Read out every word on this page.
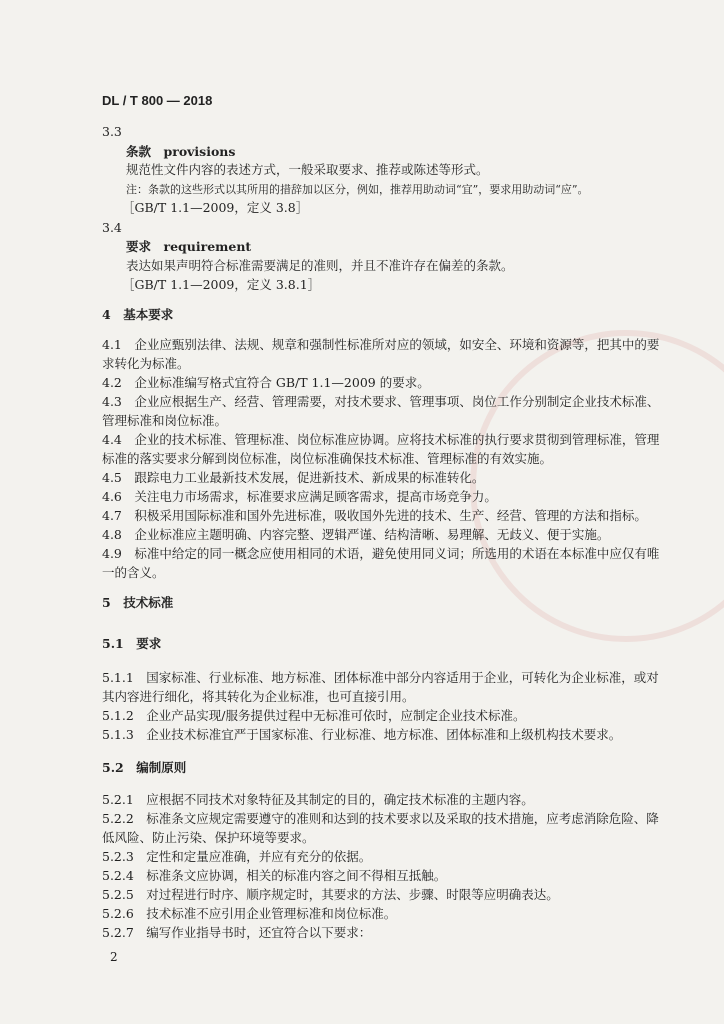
DL / T 800 — 2018
3.3
条款　provisions
规范性文件内容的表述方式，一般采取要求、推荐或陈述等形式。
注：条款的这些形式以其所用的措辞加以区分，例如，推荐用助动词“宜”，要求用助动词“应”。
［GB/T 1.1—2009，定义 3.8］
3.4
要求　requirement
表达如果声明符合标准需要满足的准则，并且不准许存在偏差的条款。
［GB/T 1.1—2009，定义 3.8.1］
4　基本要求
4.1　企业应甄别法律、法规、规章和强制性标准所对应的领域，如安全、环境和资源等，把其中的要
求转化为标准。
4.2　企业标准编写格式宜符合 GB/T 1.1—2009 的要求。
4.3　企业应根据生产、经营、管理需要，对技术要求、管理事项、岗位工作分别制定企业技术标准、
管理标准和岗位标准。
4.4　企业的技术标准、管理标准、岗位标准应协调。应将技术标准的执行要求贯彻到管理标准，管理
标准的落实要求分解到岗位标准，岗位标准确保技术标准、管理标准的有效实施。
4.5　跟踪电力工业最新技术发展，促进新技术、新成果的标准转化。
4.6　关注电力市场需求，标准要求应满足顾客需求，提高市场竞争力。
4.7　积极采用国际标准和国外先进标准，吸收国外先进的技术、生产、经营、管理的方法和指标。
4.8　企业标准应主题明确、内容完整、逻辑严谨、结构清晰、易理解、无歧义、便于实施。
4.9　标准中给定的同一概念应使用相同的术语，避免使用同义词；所选用的术语在本标准中应仅有唯
一的含义。
5　技术标准
5.1　要求
5.1.1　国家标准、行业标准、地方标准、团体标准中部分内容适用于企业，可转化为企业标准，或对
其内容进行细化，将其转化为企业标准，也可直接引用。
5.1.2　企业产品实现/服务提供过程中无标准可依时，应制定企业技术标准。
5.1.3　企业技术标准宜严于国家标准、行业标准、地方标准、团体标准和上级机构技术要求。
5.2　编制原则
5.2.1　应根据不同技术对象特征及其制定的目的，确定技术标准的主题内容。
5.2.2　标准条文应规定需要遵守的准则和达到的技术要求以及采取的技术措施，应考虑消除危险、降
低风险、防止污染、保护环境等要求。
5.2.3　定性和定量应准确，并应有充分的依据。
5.2.4　标准条文应协调，相关的标准内容之间不得相互抵触。
5.2.5　对过程进行时序、顺序规定时，其要求的方法、步骤、时限等应明确表达。
5.2.6　技术标准不应引用企业管理标准和岗位标准。
5.2.7　编写作业指导书时，还宜符合以下要求：
2
